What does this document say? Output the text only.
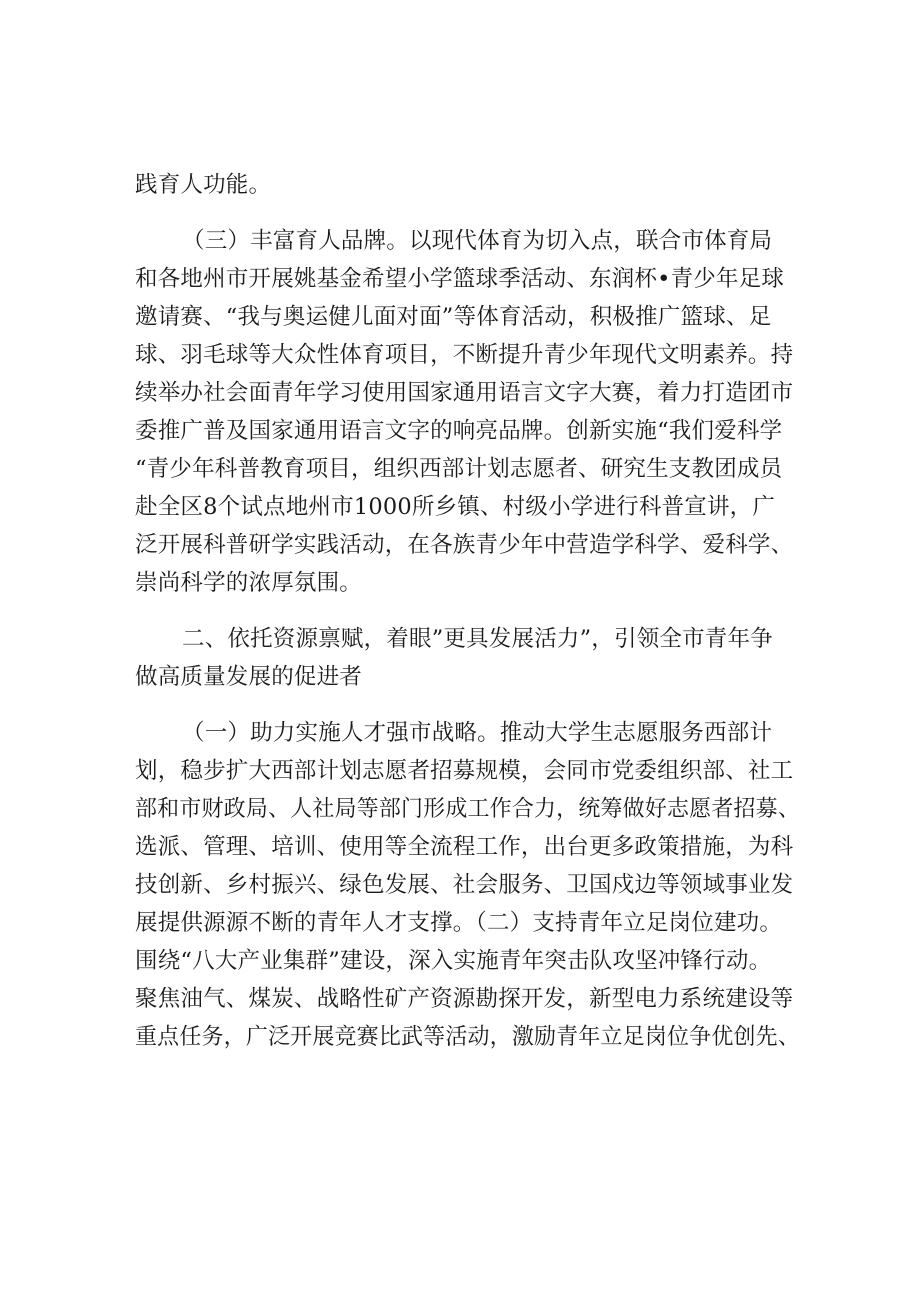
践育人功能。
（三）丰富育人品牌。以现代体育为切入点，联合市体育局
和各地州市开展姚基金希望小学篮球季活动、东润杯•青少年足球
邀请赛、“我与奥运健儿面对面”等体育活动，积极推广篮球、足
球、羽毛球等大众性体育项目，不断提升青少年现代文明素养。持
续举办社会面青年学习使用国家通用语言文字大赛，着力打造团市
委推广普及国家通用语言文字的响亮品牌。创新实施“我们爱科学
“青少年科普教育项目，组织西部计划志愿者、研究生支教团成员
赴全区8个试点地州市1000所乡镇、村级小学进行科普宣讲，广
泛开展科普研学实践活动，在各族青少年中营造学科学、爱科学、
崇尚科学的浓厚氛围。
二、依托资源禀赋，着眼”更具发展活力”，引领全市青年争
做高质量发展的促进者
（一）助力实施人才强市战略。推动大学生志愿服务西部计
划，稳步扩大西部计划志愿者招募规模，会同市党委组织部、社工
部和市财政局、人社局等部门形成工作合力，统筹做好志愿者招募、
选派、管理、培训、使用等全流程工作，出台更多政策措施，为科
技创新、乡村振兴、绿色发展、社会服务、卫国戍边等领域事业发
展提供源源不断的青年人才支撑。（二）支持青年立足岗位建功。
围绕“八大产业集群”建设，深入实施青年突击队攻坚冲锋行动。
聚焦油气、煤炭、战略性矿产资源勘探开发，新型电力系统建设等
重点任务，广泛开展竞赛比武等活动，激励青年立足岗位争优创先、
